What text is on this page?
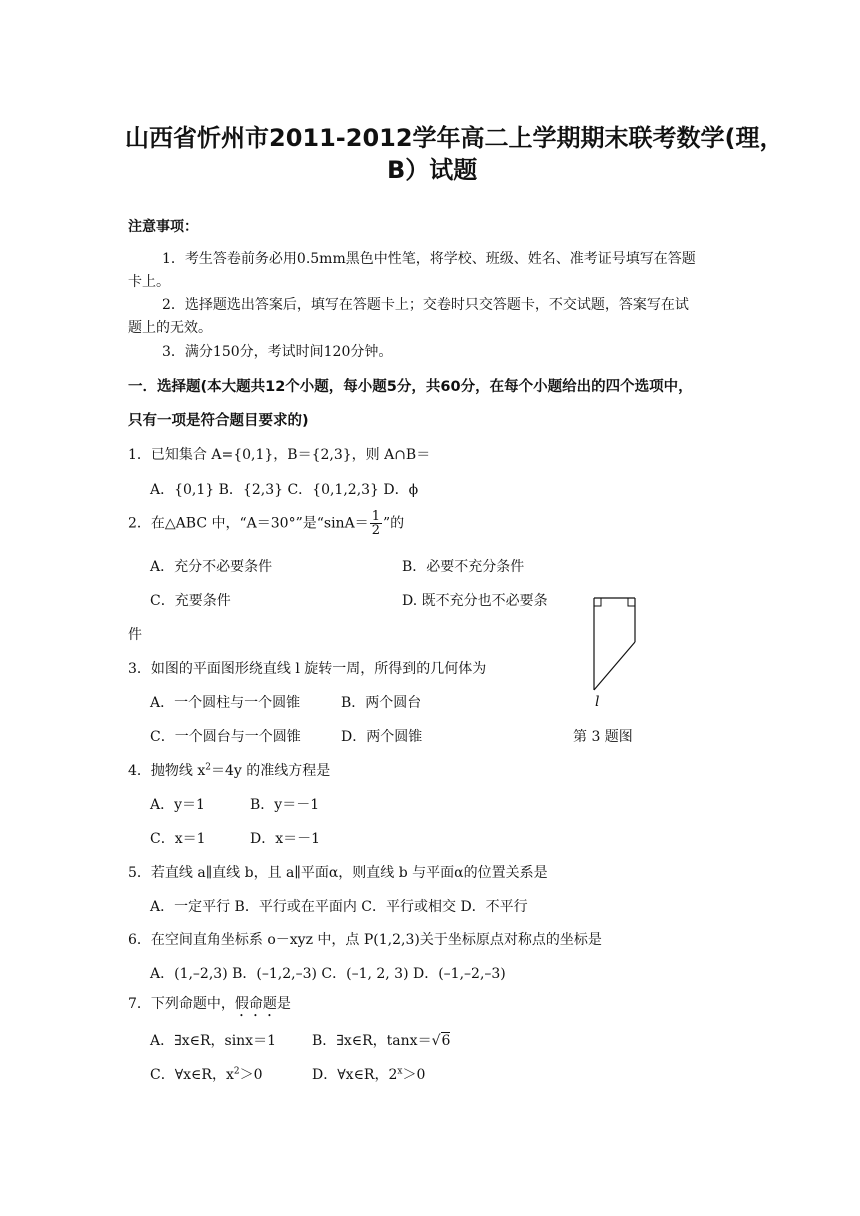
山西省忻州市2011-2012学年高二上学期期末联考数学(理，
B）试题
注意事项：
1．考生答卷前务必用0.5mm黑色中性笔，将学校、班级、姓名、准考证号填写在答题
卡上。
2．选择题选出答案后，填写在答题卡上；交卷时只交答题卡，不交试题，答案写在试
题上的无效。
3．满分150分，考试时间120分钟。
一．选择题(本大题共12个小题，每小题5分，共60分，在每个小题给出的四个选项中，
只有一项是符合题目要求的)
1．已知集合 A={0,1}，B＝{2,3}，则 A∩B＝
A．{0,1} B．{2,3} C．{0,1,2,3} D．ϕ
2．在△ABC 中，“A＝30°”是“$\sin A= \frac{1}{2}$ ”的
A．充分不必要条件	B．必要不充分条件
C．充要条件	D. 既不充分也不必要条
件
l
第 3 题图
3．如图的平面图形绕直线 l 旋转一周，所得到的几何体为
A．一个圆柱与一个圆锥	B．两个圆台
C．一个圆台与一个圆锥	D．两个圆锥
4．抛物线 $x^2=4y$ 的准线方程是
A．y＝1	B．y＝－1
C．x＝1	D．x＝－1
5．若直线 a∥直线 b，且 a∥平面α，则直线 b 与平面α的位置关系是
A．一定平行 B．平行或在平面内 C．平行或相交 D．不平行
6．在空间直角坐标系 o－xyz 中，点 P(1,2,3)关于坐标原点对称点的坐标是
A．(1,–2,3) B．(–1,2,–3) C．(–1, 2, 3) D．(–1,–2,–3)
7．下列命题中，假命题是
A．∃x∈R，sinx＝1	B．∃x∈R，tanx＝√6
C．∀x∈R，$x^2>0$	D．∀x∈R，$2^x>0$
